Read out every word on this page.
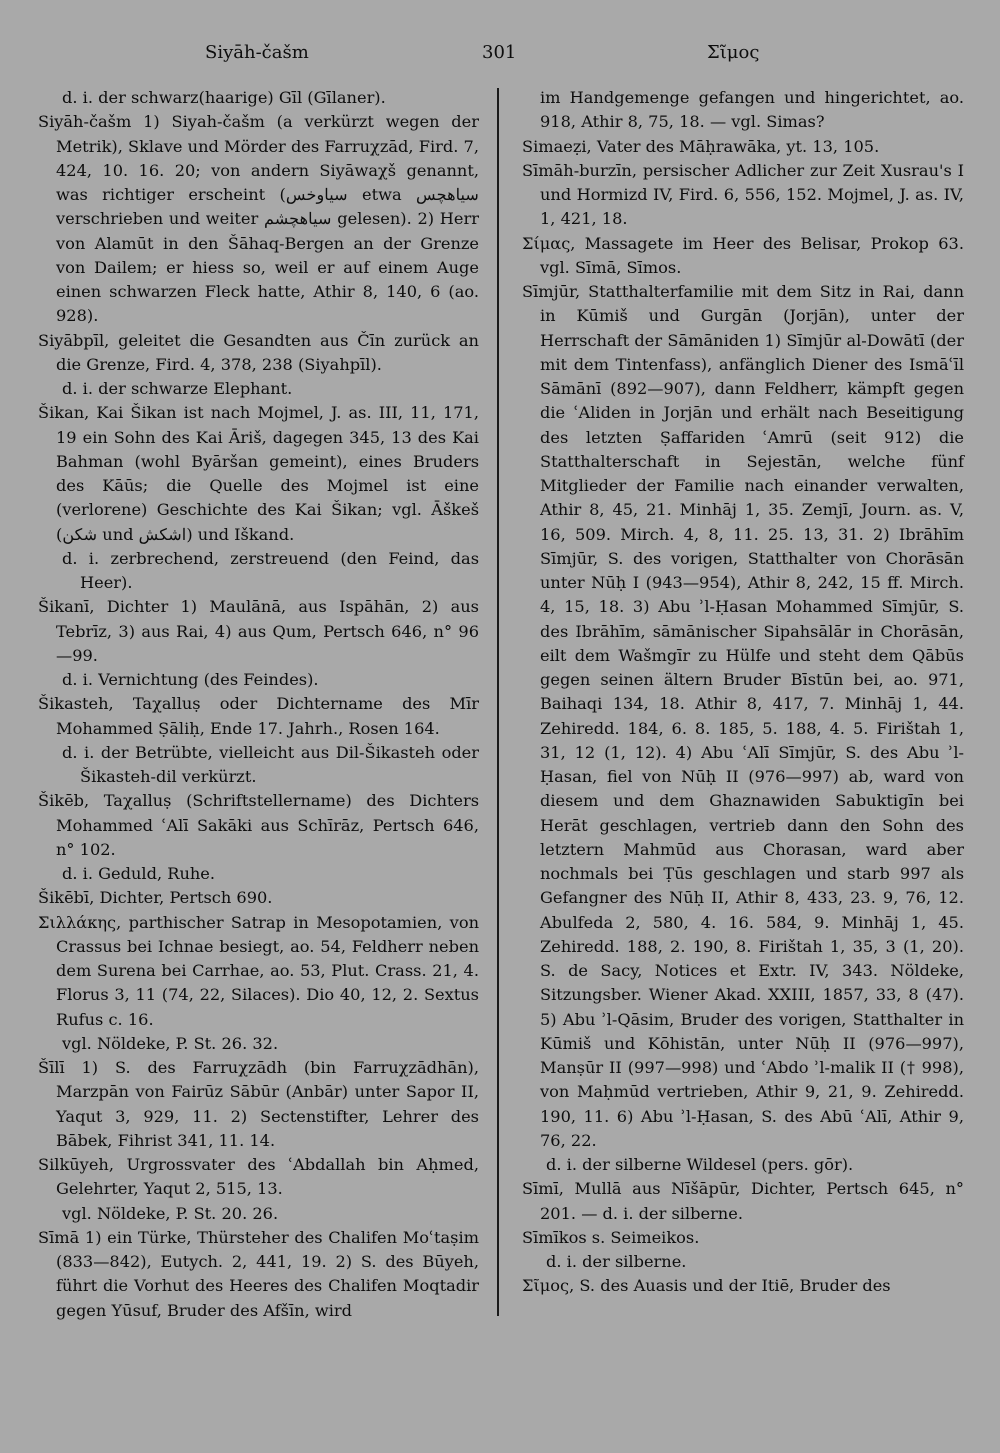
Siyāh-čašm	301	Σῖμος

d. i. der schwarz(haarige) Gīl (Gīlaner).

Siyāh-čašm 1) Siyah-čašm (a verkürzt wegen der Metrik), Sklave und Mörder des Farruχzād, Fird. 7, 424, 10. 16. 20; von andern Siyāwaχš genannt, was richtiger erscheint (سياوخس etwa سياهچس verschrieben und weiter سياهچشم gelesen). 2) Herr von Alamūt in den Šāhaq-Bergen an der Grenze von Dailem; er hiess so, weil er auf einem Auge einen schwarzen Fleck hatte, Athir 8, 140, 6 (ao. 928).

Siyābpīl, geleitet die Gesandten aus Čīn zurück an die Grenze, Fird. 4, 378, 238 (Siyahpīl).

d. i. der schwarze Elephant.

Šikan, Kai Šikan ist nach Mojmel, J. as. III, 11, 171, 19 ein Sohn des Kai Āriš, dagegen 345, 13 des Kai Bahman (wohl Byāršan gemeint), eines Bruders des Kāūs; die Quelle des Mojmel ist eine (verlorene) Geschichte des Kai Šikan; vgl. Āškeš (شكن und اشكش) und Iškand.

d. i. zerbrechend, zerstreuend (den Feind, das Heer).

Šikanī, Dichter 1) Maulānā, aus Ispāhān, 2) aus Tebrīz, 3) aus Rai, 4) aus Qum, Pertsch 646, n° 96—99.

d. i. Vernichtung (des Feindes).

Šikasteh, Taχalluṣ oder Dichtername des Mīr Mohammed Ṣāliḥ, Ende 17. Jahrh., Rosen 164.

d. i. der Betrübte, vielleicht aus Dil-Šikasteh oder Šikasteh-dil verkürzt.

Šikēb, Taχalluṣ (Schriftstellername) des Dichters Mohammed ʿAlī Sakāki aus Schīrāz, Pertsch 646, n° 102.

d. i. Geduld, Ruhe.

Šikēbī, Dichter, Pertsch 690.

Σιλλάκης, parthischer Satrap in Mesopotamien, von Crassus bei Ichnae besiegt, ao. 54, Feldherr neben dem Surena bei Carrhae, ao. 53, Plut. Crass. 21, 4. Florus 3, 11 (74, 22, Silaces). Dio 40, 12, 2. Sextus Rufus c. 16.

vgl. Nöldeke, P. St. 26. 32.

Šīlī 1) S. des Farruχzādh (bin Farruχzādhān), Marzpān von Fairūz Sābūr (Anbār) unter Sapor II, Yaqut 3, 929, 11. 2) Sectenstifter, Lehrer des Bābek, Fihrist 341, 11. 14.

Silkūyeh, Urgrossvater des ʿAbdallah bin Aḥmed, Gelehrter, Yaqut 2, 515, 13.

vgl. Nöldeke, P. St. 20. 26.

Sīmā 1) ein Türke, Thürsteher des Chalifen Moʿtaṣim (833—842), Eutych. 2, 441, 19. 2) S. des Būyeh, führt die Vorhut des Heeres des Chalifen Moqtadir gegen Yūsuf, Bruder des Afšīn, wird

im Handgemenge gefangen und hingerichtet, ao. 918, Athir 8, 75, 18. — vgl. Simas?

Simaeẓi, Vater des Māḥrawāka, yt. 13, 105.

Sīmāh-burzīn, persischer Adlicher zur Zeit Xusrau's I und Hormizd IV, Fird. 6, 556, 152. Mojmel, J. as. IV, 1, 421, 18.

Σίμας, Massagete im Heer des Belisar, Prokop 63. vgl. Sīmā, Sīmos.

Sīmjūr, Statthalterfamilie mit dem Sitz in Rai, dann in Kūmiš und Gurgān (Jorjān), unter der Herrschaft der Sāmāniden 1) Sīmjūr al-Dowātī (der mit dem Tintenfass), anfänglich Diener des Ismāʿīl Sāmānī (892—907), dann Feldherr, kämpft gegen die ʿAliden in Jorjān und erhält nach Beseitigung des letzten Ṣaffariden ʿAmrū (seit 912) die Statthalterschaft in Sejestān, welche fünf Mitglieder der Familie nach einander verwalten, Athir 8, 45, 21. Minhāj 1, 35. Zemjī, Journ. as. V, 16, 509. Mirch. 4, 8, 11. 25. 13, 31. 2) Ibrāhīm Sīmjūr, S. des vorigen, Statthalter von Chorāsān unter Nūḥ I (943—954), Athir 8, 242, 15 ff. Mirch. 4, 15, 18. 3) Abu ʾl-Ḥasan Mohammed Sīmjūr, S. des Ibrāhīm, sāmānischer Sipahsālār in Chorāsān, eilt dem Wašmgīr zu Hülfe und steht dem Qābūs gegen seinen ältern Bruder Bīstūn bei, ao. 971, Baihaqi 134, 18. Athir 8, 417, 7. Minhāj 1, 44. Zehiredd. 184, 6. 8. 185, 5. 188, 4. 5. Firištah 1, 31, 12 (1, 12). 4) Abu ʿAlī Sīmjūr, S. des Abu ʾl-Ḥasan, fiel von Nūḥ II (976—997) ab, ward von diesem und dem Ghaznawiden Sabuktigīn bei Herāt geschlagen, vertrieb dann den Sohn des letztern Mahmūd aus Chorasan, ward aber nochmals bei Ṭūs geschlagen und starb 997 als Gefangner des Nūḥ II, Athir 8, 433, 23. 9, 76, 12. Abulfeda 2, 580, 4. 16. 584, 9. Minhāj 1, 45. Zehiredd. 188, 2. 190, 8. Firištah 1, 35, 3 (1, 20). S. de Sacy, Notices et Extr. IV, 343. Nöldeke, Sitzungsber. Wiener Akad. XXIII, 1857, 33, 8 (47). 5) Abu ʾl-Qāsim, Bruder des vorigen, Statthalter in Kūmiš und Kōhistān, unter Nūḥ II (976—997), Manṣūr II (997—998) und ʿAbdo ʾl-malik II († 998), von Maḥmūd vertrieben, Athir 9, 21, 9. Zehiredd. 190, 11. 6) Abu ʾl-Ḥasan, S. des Abū ʿAlī, Athir 9, 76, 22.

d. i. der silberne Wildesel (pers. gōr).

Sīmī, Mullā aus Nīšāpūr, Dichter, Pertsch 645, n° 201. — d. i. der silberne.

Sīmīkos s. Seimeikos.

d. i. der silberne.

Σῖμος, S. des Auasis und der Itiē, Bruder des
